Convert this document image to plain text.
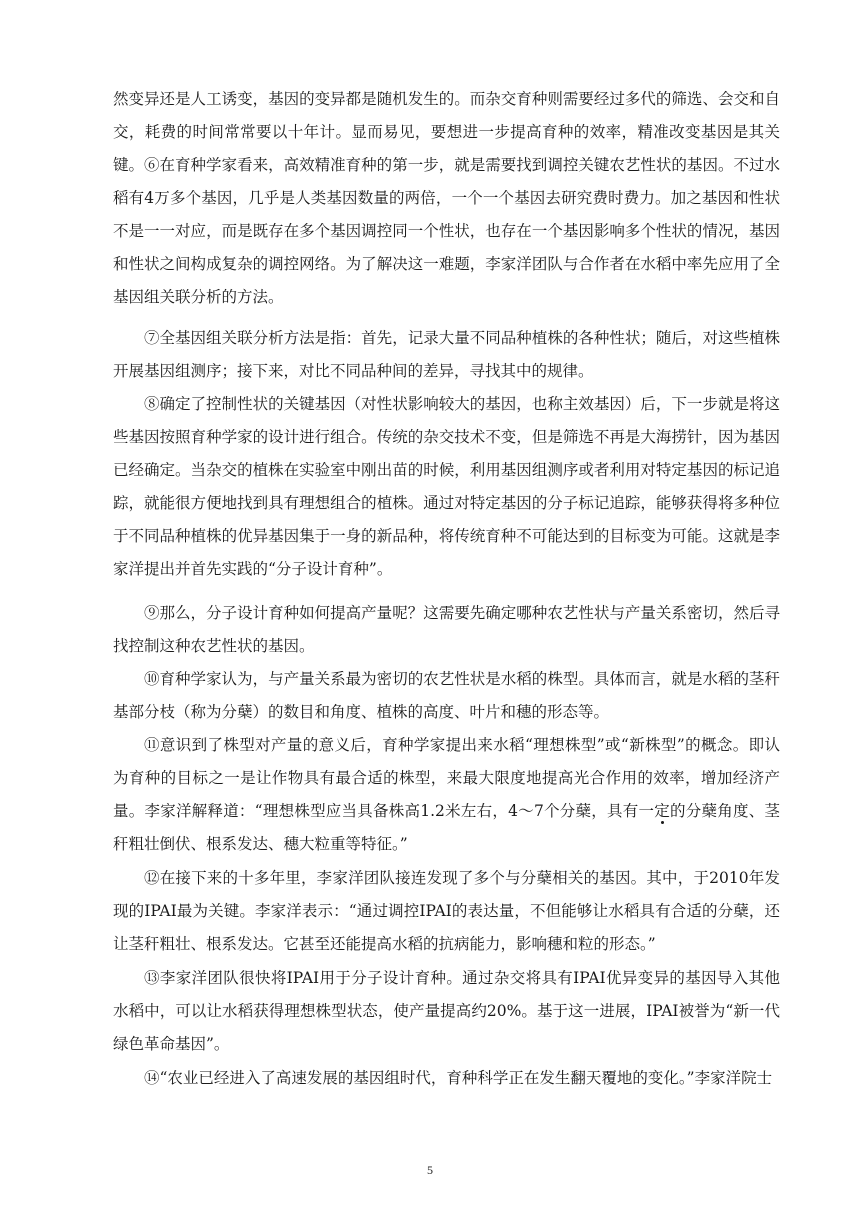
然变异还是人工诱变，基因的变异都是随机发生的。而杂交育种则需要经过多代的筛选、会交和自交，耗费的时间常常要以十年计。显而易见，要想进一步提高育种的效率，精准改变基因是其关键。 ⑥在育种学家看来，高效精准育种的第一步，就是需要找到调控关键农艺性状的基因。不过水稻有4万多个基因，几乎是人类基因数量的两倍，一个一个基因去研究费时费力。加之基因和性状不是一一对应，而是既存在多个基因调控同一个性状，也存在一个基因影响多个性状的情况，基因和性状之间构成复杂的调控网络。为了解决这一难题，李家洋团队与合作者在水稻中率先应用了全基因组关联分析的方法。

⑦全基因组关联分析方法是指：首先，记录大量不同品种植株的各种性状；随后，对这些植株开展基因组测序；接下来，对比不同品种间的差异，寻找其中的规律。

⑧确定了控制性状的关键基因（对性状影响较大的基因，也称主效基因）后，下一步就是将这些基因按照育种学家的设计进行组合。传统的杂交技术不变，但是筛选不再是大海捞针，因为基因已经确定。当杂交的植株在实验室中刚出苗的时候，利用基因组测序或者利用对特定基因的标记追踪，就能很方便地找到具有理想组合的植株。通过对特定基因的分子标记追踪，能够获得将多种位于不同品种植株的优异基因集于一身的新品种，将传统育种不可能达到的目标变为可能。这就是李家洋提出并首先实践的“分子设计育种”。

⑨那么，分子设计育种如何提高产量呢？这需要先确定哪种农艺性状与产量关系密切，然后寻找控制这种农艺性状的基因。

⑩育种学家认为，与产量关系最为密切的农艺性状是水稻的株型。具体而言，就是水稻的茎秆基部分枝（称为分蘖）的数目和角度、植株的高度、叶片和穗的形态等。

⑪意识到了株型对产量的意义后，育种学家提出来水稻“理想株型”或“新株型”的概念。即认为育种的目标之一是让作物具有最合适的株型，来最大限度地提高光合作用的效率，增加经济产量。李家洋解释道：“理想株型应当具备株高1.2米左右，4～7个分蘖，具有一定的分蘖角度、茎秆粗壮倒伏、根系发达、穗大粒重等特征。”

⑫在接下来的十多年里，李家洋团队接连发现了多个与分蘖相关的基因。其中，于2010年发现的IPAI最为关键。李家洋表示：“通过调控IPAI的表达量，不但能够让水稻具有合适的分蘖，还让茎秆粗壮、根系发达。它甚至还能提高水稻的抗病能力，影响穗和粒的形态。”

⑬李家洋团队很快将IPAI用于分子设计育种。通过杂交将具有IPAI优异变异的基因导入其他水稻中，可以让水稻获得理想株型状态，使产量提高约20%。基于这一进展，IPAI被誉为“新一代绿色革命基因”。

⑭“农业已经进入了高速发展的基因组时代，育种科学正在发生翻天覆地的变化。”李家洋院士

5
